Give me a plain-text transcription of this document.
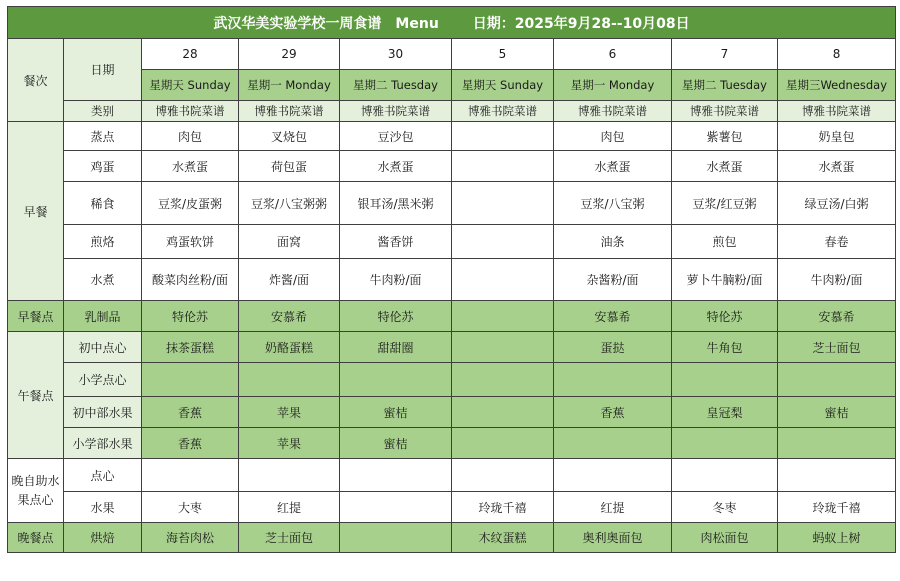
武汉华美实验学校一周食谱 Menu 日期：2025年9月28--10月08日								
餐次	日期	28	29	30	5	6	7	8
		星期天 Sunday	星期一 Monday	星期二 Tuesday	星期天 Sunday	星期一 Monday	星期二 Tuesday	星期三Wednesday
	类别	博雅书院菜谱	博雅书院菜谱	博雅书院菜谱	博雅书院菜谱	博雅书院菜谱	博雅书院菜谱	博雅书院菜谱
早餐	蒸点	肉包	叉烧包	豆沙包		肉包	紫薯包	奶皇包
	鸡蛋	水煮蛋	荷包蛋	水煮蛋		水煮蛋	水煮蛋	水煮蛋
	稀食	豆浆/皮蛋粥	豆浆/八宝粥粥	银耳汤/黑米粥		豆浆/八宝粥	豆浆/红豆粥	绿豆汤/白粥
	煎烙	鸡蛋软饼	面窝	酱香饼		油条	煎包	春卷
	水煮	酸菜肉丝粉/面	炸酱/面	牛肉粉/面		杂酱粉/面	萝卜牛腩粉/面	牛肉粉/面
早餐点	乳制品	特伦苏	安慕希	特伦苏		安慕希	特伦苏	安慕希
午餐点	初中点心	抹茶蛋糕	奶酪蛋糕	甜甜圈		蛋挞	牛角包	芝士面包
	小学点心							
	初中部水果	香蕉	苹果	蜜桔		香蕉	皇冠梨	蜜桔
	小学部水果	香蕉	苹果	蜜桔				
晚自助水果点心	点心							
	水果	大枣	红提		玲珑千禧	红提	冬枣	玲珑千禧
晚餐点	烘焙	海苔肉松	芝士面包		木纹蛋糕	奥利奥面包	肉松面包	蚂蚁上树
